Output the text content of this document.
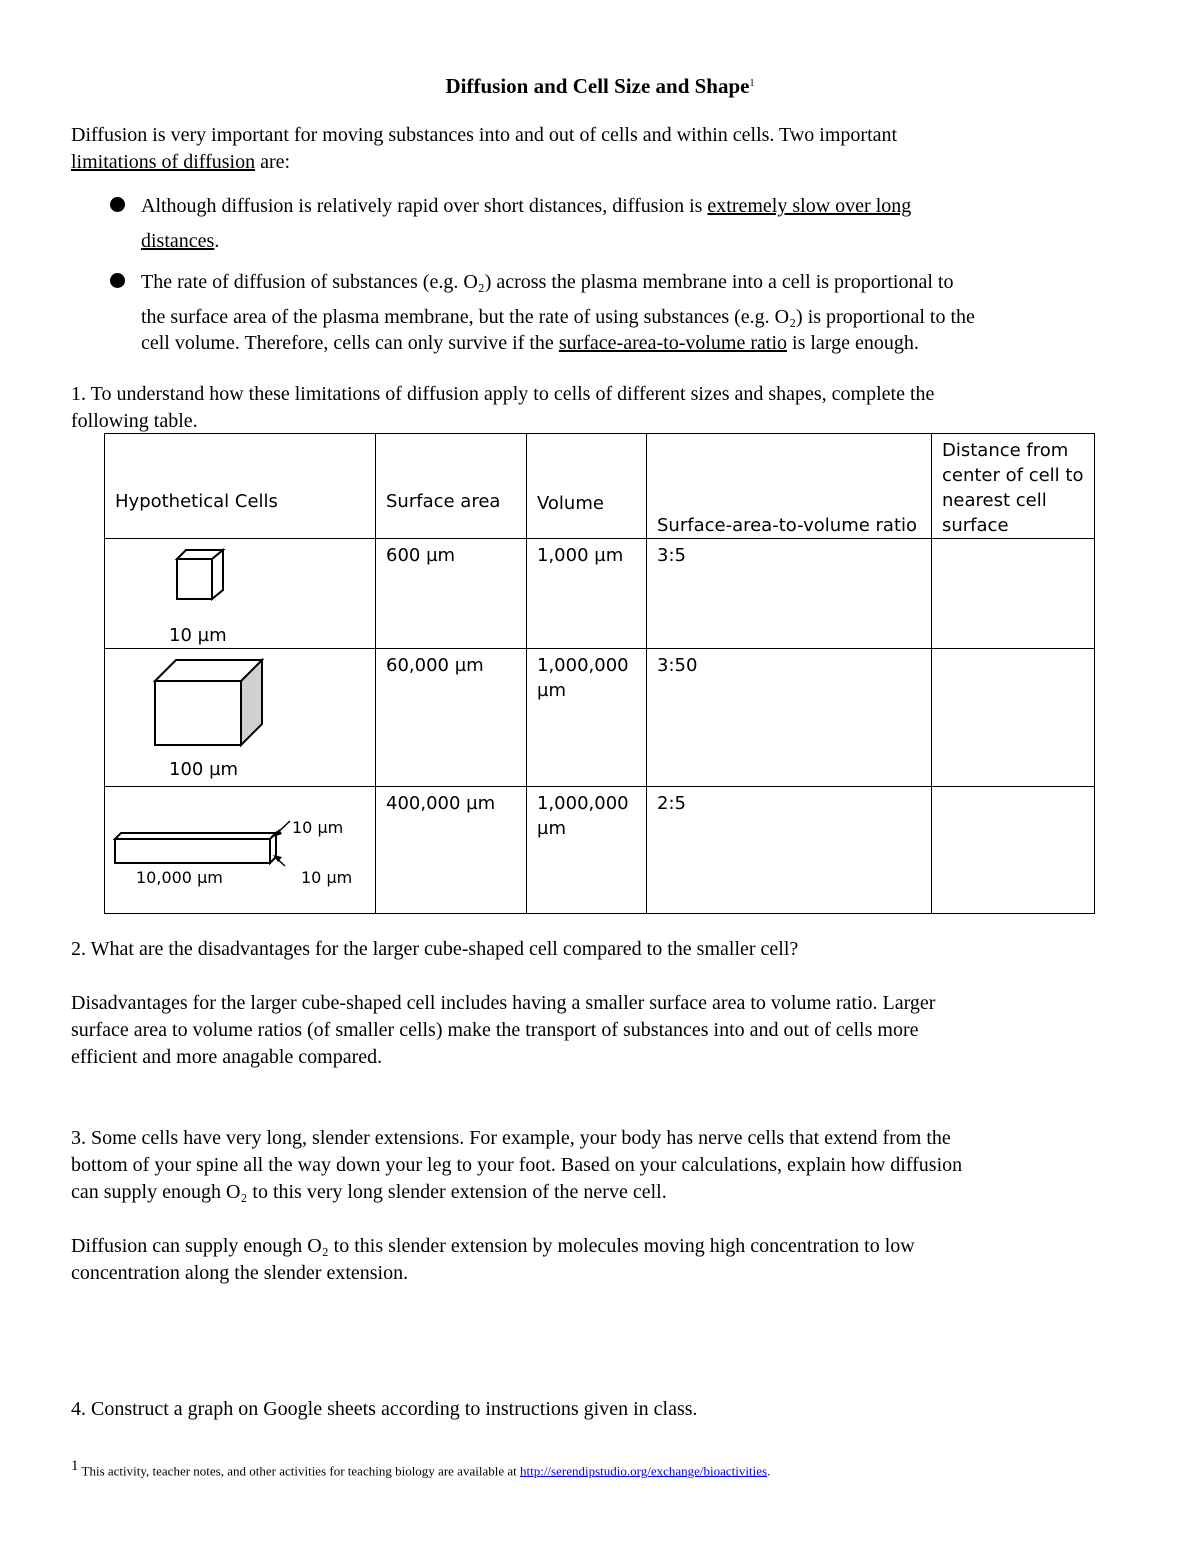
Diffusion and Cell Size and Shape$^1$
Diffusion is very important for moving substances into and out of cells and within cells. Two important
limitations of diffusion are:
Although diffusion is relatively rapid over short distances, diffusion is extremely slow over long
distances.
The rate of diffusion of substances (e.g. O₂) across the plasma membrane into a cell is proportional to
the surface area of the plasma membrane, but the rate of using substances (e.g. O₂) is proportional to the
cell volume. Therefore, cells can only survive if the surface-area-to-volume ratio is large enough.
1. To understand how these limitations of diffusion apply to cells of different sizes and shapes, complete the
following table.
Hypothetical Cells	Surface area	Volume	Surface-area-to-volume ratio	Distance from center of cell to nearest cell surface

10 µm	600 µm	1,000 µm	3:5	

100 µm	60,000 µm	1,000,000 µm	3:50	

10 µm
10,000 µm 10 µm	400,000 µm	1,000,000 µm	2:5	
2. What are the disadvantages for the larger cube-shaped cell compared to the smaller cell?
Disadvantages for the larger cube-shaped cell includes having a smaller surface area to volume ratio. Larger
surface area to volume ratios (of smaller cells) make the transport of substances into and out of cells more
efficient and more anagable compared.
3. Some cells have very long, slender extensions. For example, your body has nerve cells that extend from the
bottom of your spine all the way down your leg to your foot. Based on your calculations, explain how diffusion
can supply enough O₂ to this very long slender extension of the nerve cell.
Diffusion can supply enough O₂ to this slender extension by molecules moving high concentration to low
concentration along the slender extension.
4. Construct a graph on Google sheets according to instructions given in class.
1 This activity, teacher notes, and other activities for teaching biology are available at http://serendipstudio.org/exchange/bioactivities.
